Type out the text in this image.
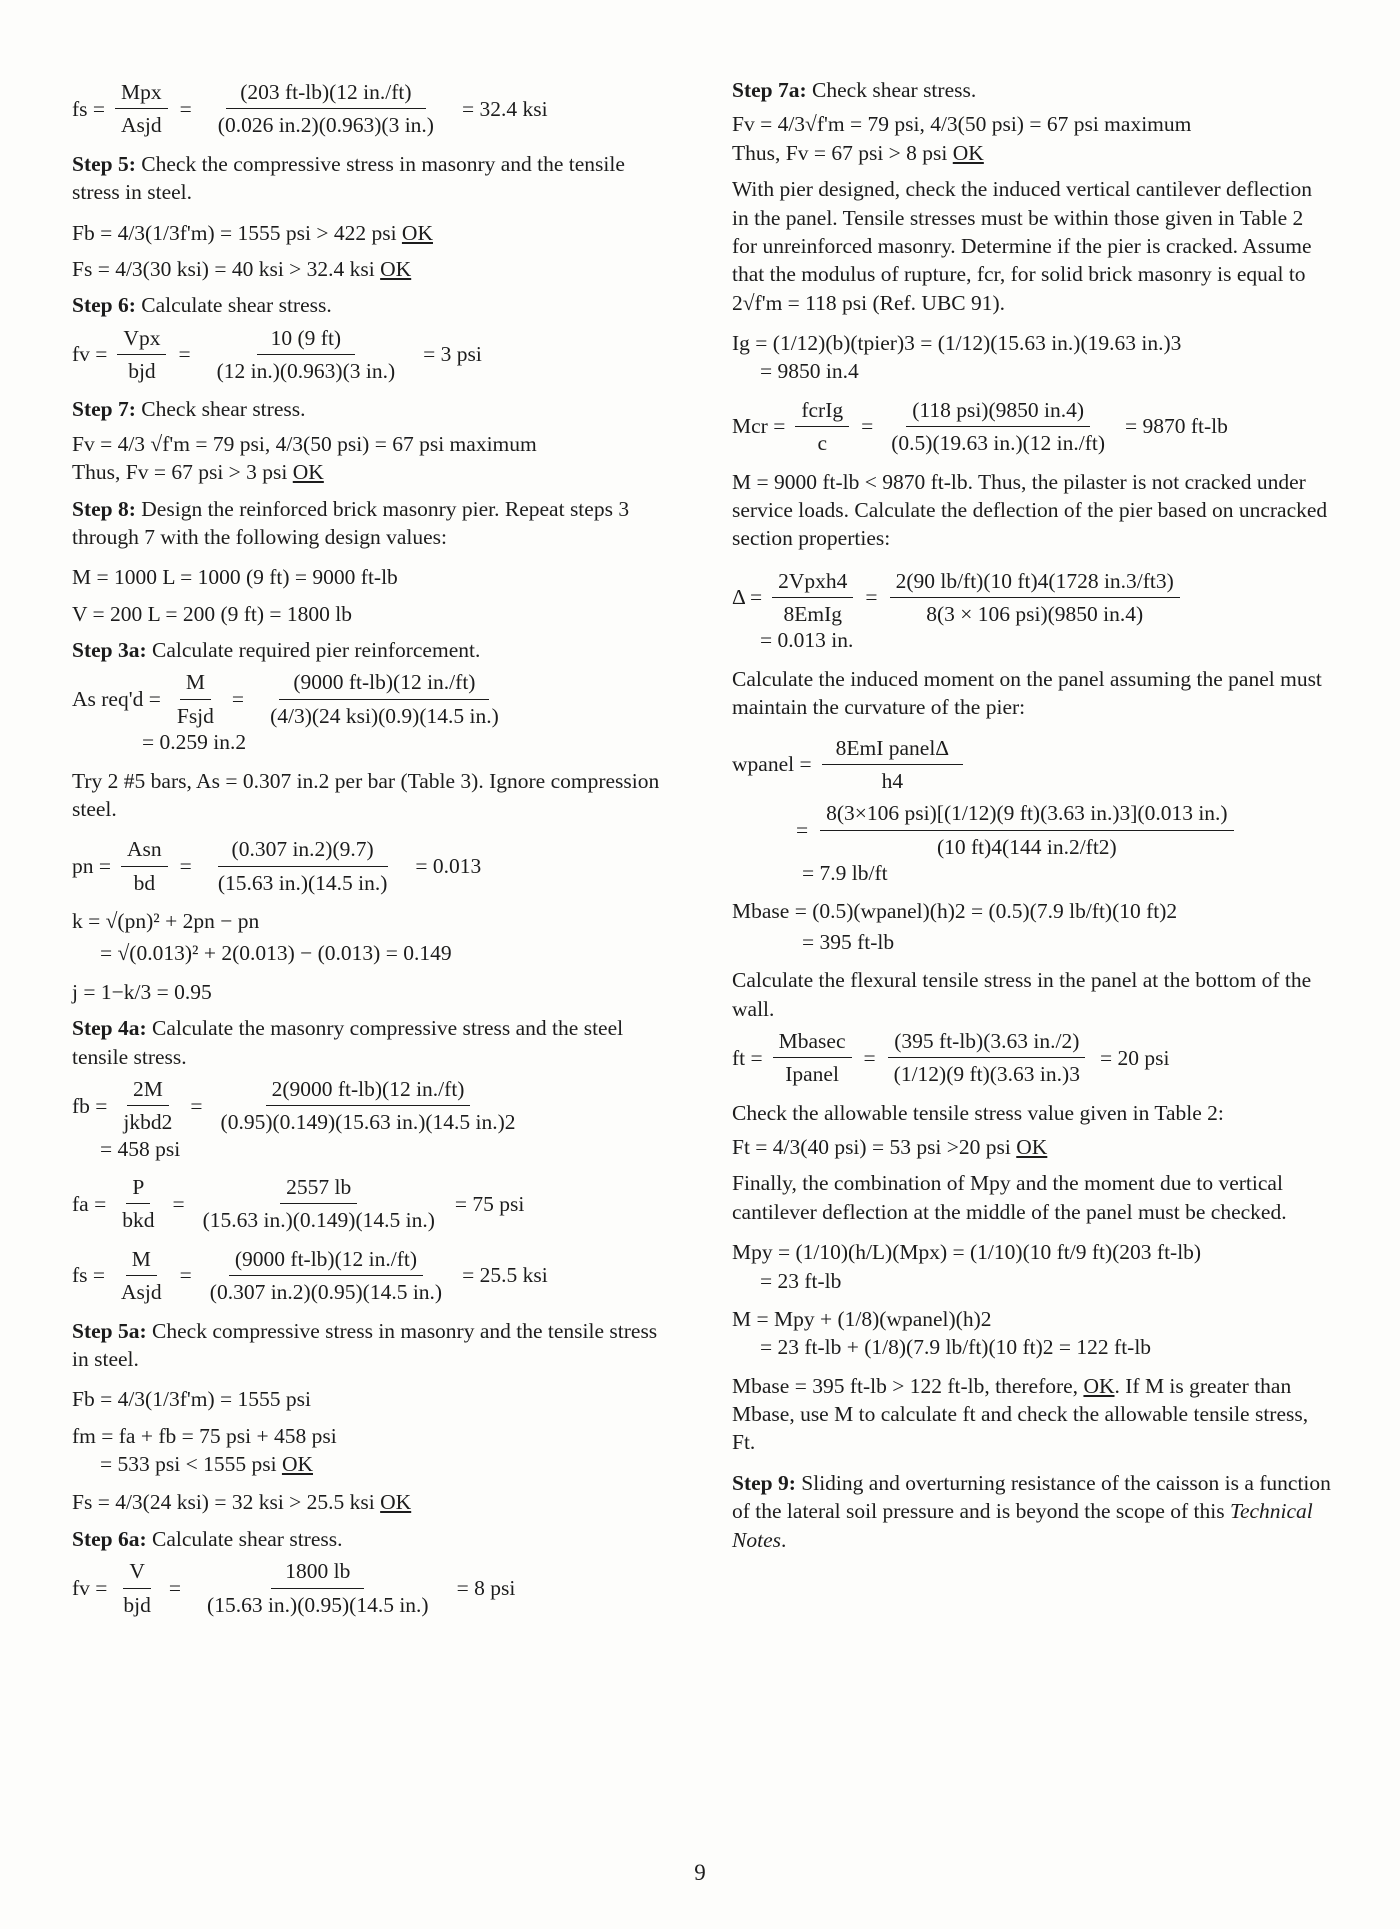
fs = $\frac{\text{Mpx}}{\text{Asjd}} = \frac{(203 ft-lb)(12 in./ft)}{(0.026 in.2)(0.963)(3 in.)} = 32.4$ ksi

Step 5: Check the compressive stress in masonry and the tensile stress in steel.

Fb = 4/3(1/3f'm) = 1555 psi > 422 psi OK

Fs = 4/3(30 ksi) = 40 ksi > 32.4 ksi OK

Step 6: Calculate shear stress.

fv = $\frac{\text{Vpx}}{\text{bjd}} = \frac{10 (9 ft)}{(12 in.)(0.963)(3 in.)} = 3$ psi

Step 7: Check shear stress.

Fv = 4/3 √f'm = 79 psi, 4/3(50 psi) = 67 psi maximum

Thus, Fv = 67 psi > 3 psi OK

Step 8: Design the reinforced brick masonry pier. Repeat steps 3 through 7 with the following design values:

M = 1000 L = 1000 (9 ft) = 9000 ft-lb

V = 200 L = 200 (9 ft) = 1800 lb

Step 3a: Calculate required pier reinforcement.

As $req'd = \frac{M}{\text{Fsjd}} = \frac{(9000 ft-lb)(12 in./ft)}{\text{(4/3)(24 ksi)(0.9)(14.5 in.)}}$

= 0.259 in.2

Try 2 #5 bars, As = 0.307 in.2 per bar (Table 3). Ignore compression steel.

pn = $\frac{\text{Asn}}{bd} = \frac{(0.307 in.2)(9.7)}{(15.63 in.)(14.5 in.)} = 0.013$

k = √(pn)² + 2pn − pn

= √(0.013)² + 2(0.013) − (0.013) = 0.149

j = 1−k/3 = 0.95

Step 4a: Calculate the masonry compressive stress and the steel tensile stress.

fb = $\frac{2M}{\text{jkbd2}} = \frac{2(9000 ft-lb)(12 in./ft)}{(0.95)(0.149)(15.63 in.)(14.5 in.)2}$

= 458 psi

fa = $\frac{P}{\text{bkd}} = \frac{2557 lb}{(15.63 in.)(0.149)(14.5 in.)} = 75$ psi
fs = $\frac{M}{\text{Asjd}} = \frac{(9000 ft-lb)(12 in./ft)}{(0.307 in.2)(0.95)(14.5 in.)} = 25.5$ ksi

Step 5a: Check compressive stress in masonry and the tensile stress in steel.

Fb = 4/3(1/3f'm) = 1555 psi

fm = fa + fb = 75 psi + 458 psi

= 533 psi < 1555 psi OK

Fs = 4/3(24 ksi) = 32 ksi > 25.5 ksi OK

Step 6a: Calculate shear stress.

fv = $\frac{V}{\text{bjd}} = \frac{1800 lb}{(15.63 in.)(0.95)(14.5 in.)} = 8$ psi

Step 7a: Check shear stress.

Fv = 4/3√f'm = 79 psi, 4/3(50 psi) = 67 psi maximum

Thus, Fv = 67 psi > 8 psi OK

With pier designed, check the induced vertical cantilever deflection in the panel. Tensile stresses must be within those given in Table 2 for unreinforced masonry. Determine if the pier is cracked. Assume that the modulus of rupture, fcr, for solid brick masonry is equal to 2√f'm = 118 psi (Ref. UBC 91).

Ig = (1/12)(b)(tpier)3 = (1/12)(15.63 in.)(19.63 in.)3

= 9850 in.4

Mcr = $\frac{\text{fcrIg}}{c} = \frac{\text{(118 psi)(9850 in.4)}}{(0.5)(19.63 in.)(12 in./ft)} = 9870$ ft-lb

M = 9000 ft-lb < 9870 ft-lb. Thus, the pilaster is not cracked under service loads. Calculate the deflection of the pier based on uncracked section properties:

$\Delta = \frac{\text{2Vpxh4}}{\text{8EmIg}} = \frac{2(90 lb/ft)(10 ft)4(1728 in.3/ft3)}{\text{8(3 × 106 psi)(9850 in.4)}}$

= 0.013 in.

Calculate the induced moment on the panel assuming the panel must maintain the curvature of the pier:

wpanel = $\frac{\text{8EmI panelΔ}}{h4}$
= $\frac{\text{8(3×106 psi)[(1/12)(9 ft)(3.63 in.)3](0.013 in.)}}{(10 ft)4(144 in.2/ft2)}$

= 7.9 lb/ft

Mbase = (0.5)(wpanel)(h)2 = (0.5)(7.9 lb/ft)(10 ft)2

= 395 ft-lb

Calculate the flexural tensile stress in the panel at the bottom of the wall.

ft = $\frac{\text{Mbasec}}{\text{Ipanel}} = \frac{(395 ft-lb)(3.63 in./2)}{(1/12)(9 ft)(3.63 in.)3} = 20$ psi

Check the allowable tensile stress value given in Table 2:

Ft = 4/3(40 psi) = 53 psi >20 psi OK

Finally, the combination of Mpy and the moment due to vertical cantilever deflection at the middle of the panel must be checked.

Mpy = (1/10)(h/L)(Mpx) = (1/10)(10 ft/9 ft)(203 ft-lb)

= 23 ft-lb

M = Mpy + (1/8)(wpanel)(h)2

= 23 ft-lb + (1/8)(7.9 lb/ft)(10 ft)2 = 122 ft-lb

Mbase = 395 ft-lb > 122 ft-lb, therefore, OK. If M is greater than Mbase, use M to calculate ft and check the allowable tensile stress, Ft.

Step 9: Sliding and overturning resistance of the caisson is a function of the lateral soil pressure and is beyond the scope of this Technical Notes.

9
